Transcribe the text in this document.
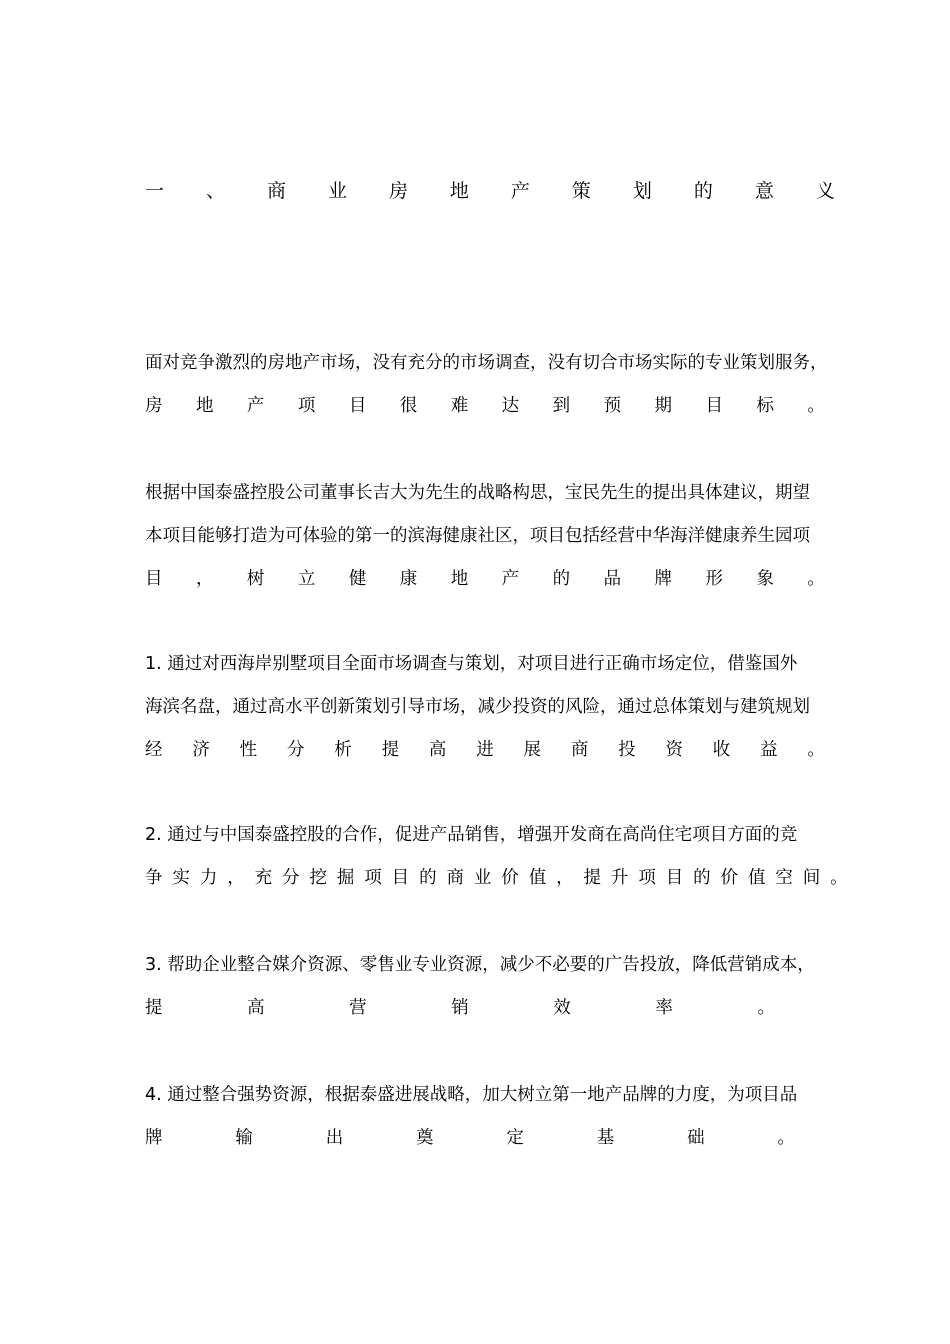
一 、 商 业 房 地 产 策 划 的 意 义
面对竞争激烈的房地产市场，没有充分的市场调查，没有切合市场实际的专业策划服务，
房 地 产 项 目 很 难 达 到 预 期 目 标 。
根据中国泰盛控股公司董事长吉大为先生的战略构思，宝民先生的提出具体建议，期望
本项目能够打造为可体验的第一的滨海健康社区，项目包括经营中华海洋健康养生园项
目 ， 树 立 健 康 地 产 的 品 牌 形 象 。
1. 通过对西海岸别墅项目全面市场调查与策划，对项目进行正确市场定位，借鉴国外
海滨名盘，通过高水平创新策划引导市场，减少投资的风险，通过总体策划与建筑规划
经 济 性 分 析 提 高 进 展 商 投 资 收 益 。
2. 通过与中国泰盛控股的合作，促进产品销售，增强开发商在高尚住宅项目方面的竞
争 实 力 ， 充 分 挖 掘 项 目 的 商 业 价 值 ， 提 升 项 目 的 价 值 空 间 。
3. 帮助企业整合媒介资源、零售业专业资源，减少不必要的广告投放，降低营销成本，
提	高	营	销	效	率	。
4. 通过整合强势资源，根据泰盛进展战略，加大树立第一地产品牌的力度，为项目品
牌	输	出	奠	定	基	础	。
